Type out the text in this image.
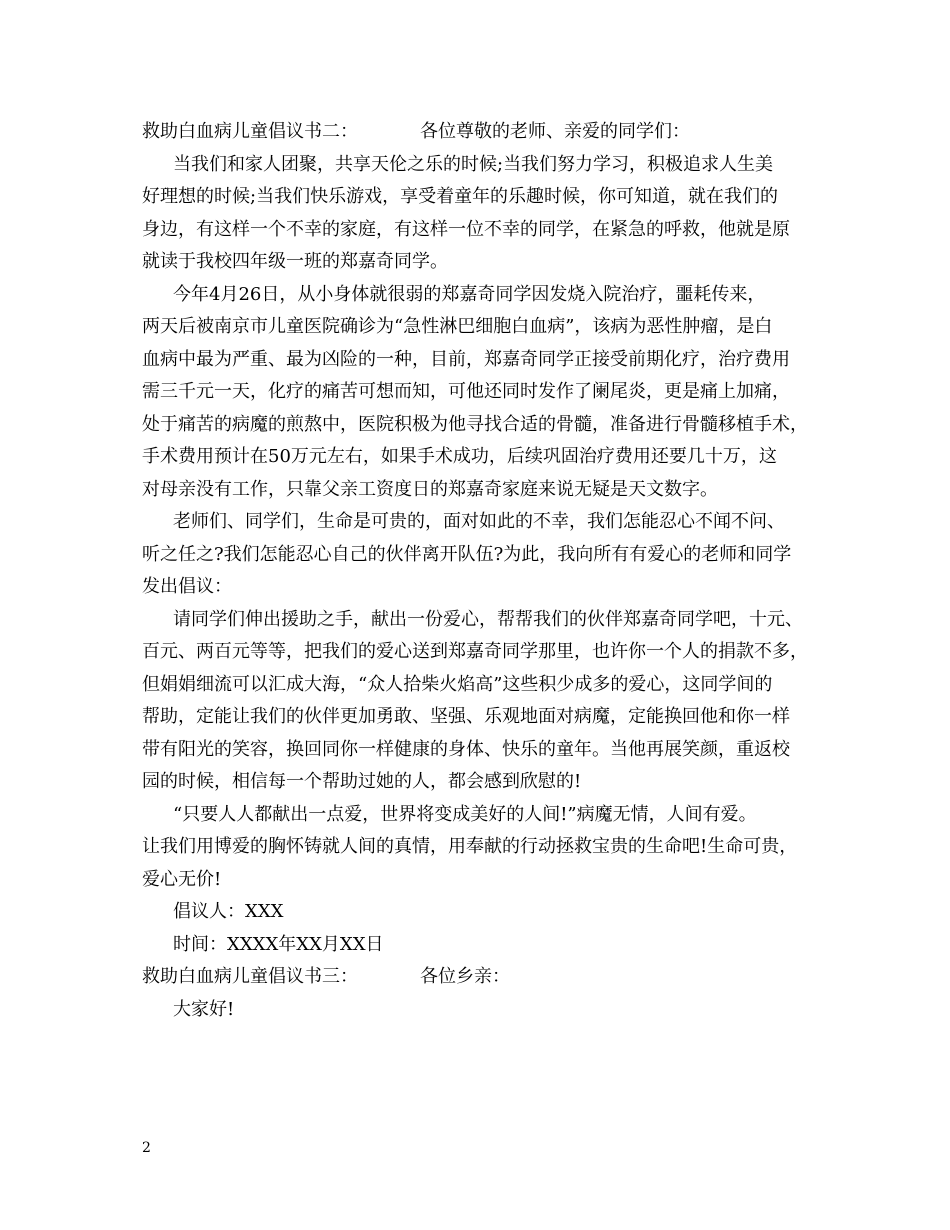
救助白血病儿童倡议书二：	各位尊敬的老师、亲爱的同学们：
当我们和家人团聚，共享天伦之乐的时候;当我们努力学习，积极追求人生美
好理想的时候;当我们快乐游戏，享受着童年的乐趣时候，你可知道，就在我们的
身边，有这样一个不幸的家庭，有这样一位不幸的同学，在紧急的呼救，他就是原
就读于我校四年级一班的郑嘉奇同学。
今年4月26日，从小身体就很弱的郑嘉奇同学因发烧入院治疗，噩耗传来，
两天后被南京市儿童医院确诊为“急性淋巴细胞白血病”，该病为恶性肿瘤，是白
血病中最为严重、最为凶险的一种，目前，郑嘉奇同学正接受前期化疗，治疗费用
需三千元一天，化疗的痛苦可想而知，可他还同时发作了阑尾炎，更是痛上加痛，
处于痛苦的病魔的煎熬中，医院积极为他寻找合适的骨髓，准备进行骨髓移植手术，
手术费用预计在50万元左右，如果手术成功，后续巩固治疗费用还要几十万，这
对母亲没有工作，只靠父亲工资度日的郑嘉奇家庭来说无疑是天文数字。
老师们、同学们，生命是可贵的，面对如此的不幸，我们怎能忍心不闻不问、
听之任之?我们怎能忍心自己的伙伴离开队伍?为此，我向所有有爱心的老师和同学
发出倡议：
请同学们伸出援助之手，献出一份爱心，帮帮我们的伙伴郑嘉奇同学吧，十元、
百元、两百元等等，把我们的爱心送到郑嘉奇同学那里，也许你一个人的捐款不多，
但娟娟细流可以汇成大海，“众人拾柴火焰高”这些积少成多的爱心，这同学间的
帮助，定能让我们的伙伴更加勇敢、坚强、乐观地面对病魔，定能换回他和你一样
带有阳光的笑容，换回同你一样健康的身体、快乐的童年。当他再展笑颜，重返校
园的时候，相信每一个帮助过她的人，都会感到欣慰的!
“只要人人都献出一点爱，世界将变成美好的人间!”病魔无情，人间有爱。
让我们用博爱的胸怀铸就人间的真情，用奉献的行动拯救宝贵的生命吧!生命可贵，
爱心无价!
倡议人：XXX
时间：XXXX年XX月XX日
救助白血病儿童倡议书三：	各位乡亲：
大家好!
2
